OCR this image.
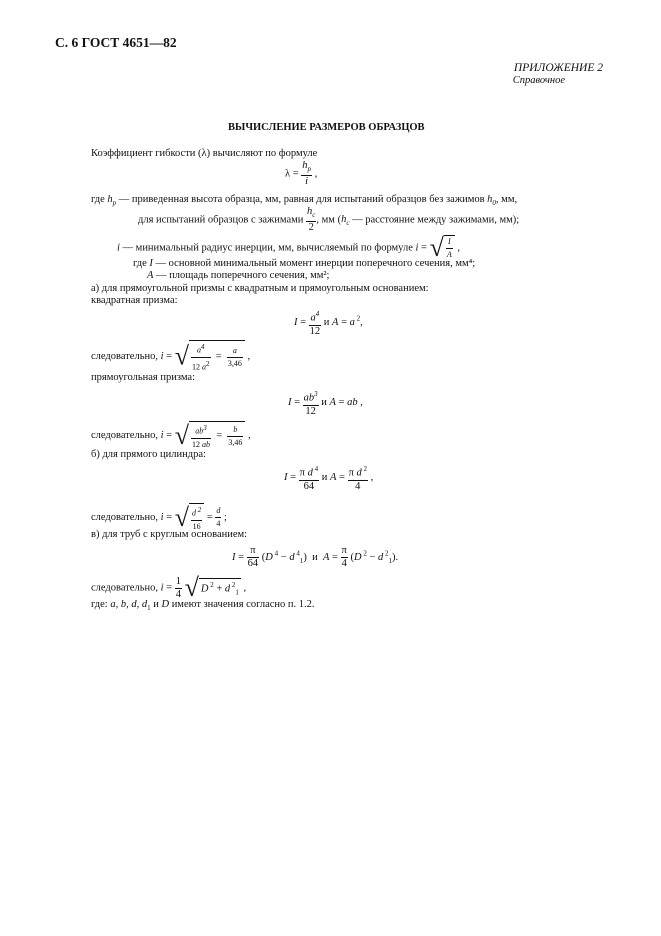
С. 6 ГОСТ 4651—82
ПРИЛОЖЕНИЕ 2
Справочное
ВЫЧИСЛЕНИЕ РАЗМЕРОВ ОБРАЗЦОВ
Коэффициент гибкости (λ) вычисляют по формуле
$\lambda = \frac{h_p}{i}$ ,
где $h_p$ — приведенная высота образца, мм, равная для испытаний образцов без зажимов $h_0$, мм,
для испытаний образцов с зажимами $\frac{h_c}{2}$ , мм ($h_c$ — расстояние между зажимами, мм);
i — минимальный радиус инерции, мм, вычисляемый по формуле i = √ $\frac{I}{A}$ ,
где I — основной минимальный момент инерции поперечного сечения, мм⁴;
A — площадь поперечного сечения, мм²;
а) для прямоугольной призмы с квадратным и прямоугольным основанием:
квадратная призма:
$I = \frac{a^4}{12}$ и A = a $^2$,
следовательно, i = √ $\frac{a^4}{12 a^2} = \frac{a}{3,46}$ ,
прямоугольная призма:
$I = \frac{ab^3}{12}$ и A = ab ,
следовательно, i = √ $\frac{ab^3}{12 ab} = \frac{b}{3,46}$ ,
б) для прямого цилиндра:
$I = \frac{\pi d ^4}{64}$ и $A = \frac{\pi d ^2}{4}$ ,
следовательно, i = √ $\frac{d ^2}{16} = \frac{d}{4}$ ;
в) для труб с круглым основанием:
$I = \frac{\pi}{64} (D$ $^4$ − d $^4_1$)  и $A = \frac{\pi}{4} (D$ $^2$ − d $^2_1$).
следовательно, $i = \frac{1}{4}$ √ D $^2$ + d $^2_1$ ,
где: a, b, d, $d_1$ и D имеют значения согласно п. 1.2.
